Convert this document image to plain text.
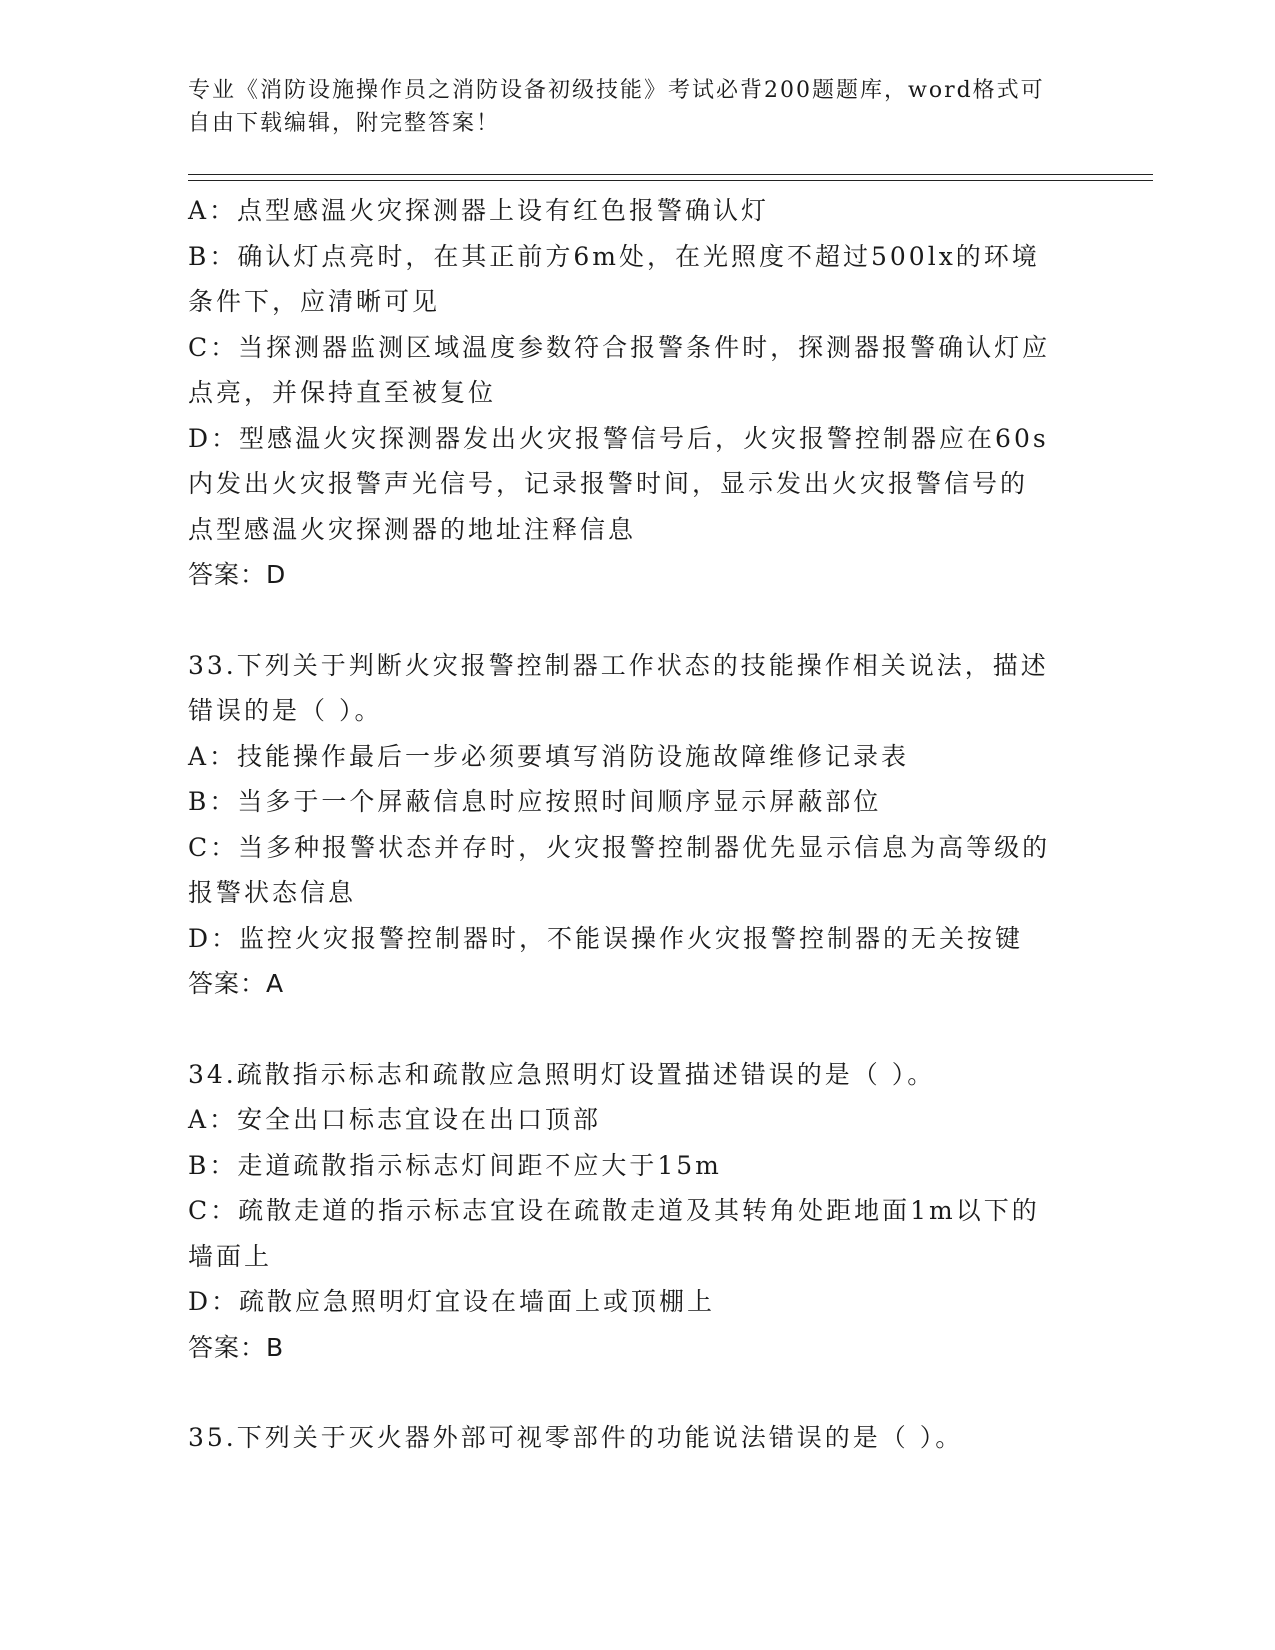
专业《消防设施操作员之消防设备初级技能》考试必背200题题库，word格式可
自由下载编辑，附完整答案！
A：点型感温火灾探测器上设有红色报警确认灯
B：确认灯点亮时，在其正前方6m处，在光照度不超过500lx的环境
条件下，应清晰可见
C：当探测器监测区域温度参数符合报警条件时，探测器报警确认灯应
点亮，并保持直至被复位
D：型感温火灾探测器发出火灾报警信号后，火灾报警控制器应在60s
内发出火灾报警声光信号，记录报警时间，显示发出火灾报警信号的
点型感温火灾探测器的地址注释信息
答案：D
33.下列关于判断火灾报警控制器工作状态的技能操作相关说法，描述
错误的是（ ）。
A：技能操作最后一步必须要填写消防设施故障维修记录表
B：当多于一个屏蔽信息时应按照时间顺序显示屏蔽部位
C：当多种报警状态并存时，火灾报警控制器优先显示信息为高等级的
报警状态信息
D：监控火灾报警控制器时，不能误操作火灾报警控制器的无关按键
答案：A
34.疏散指示标志和疏散应急照明灯设置描述错误的是（ ）。
A：安全出口标志宜设在出口顶部
B：走道疏散指示标志灯间距不应大于15m
C：疏散走道的指示标志宜设在疏散走道及其转角处距地面1m以下的
墙面上
D：疏散应急照明灯宜设在墙面上或顶棚上
答案：B
35.下列关于灭火器外部可视零部件的功能说法错误的是（ ）。
